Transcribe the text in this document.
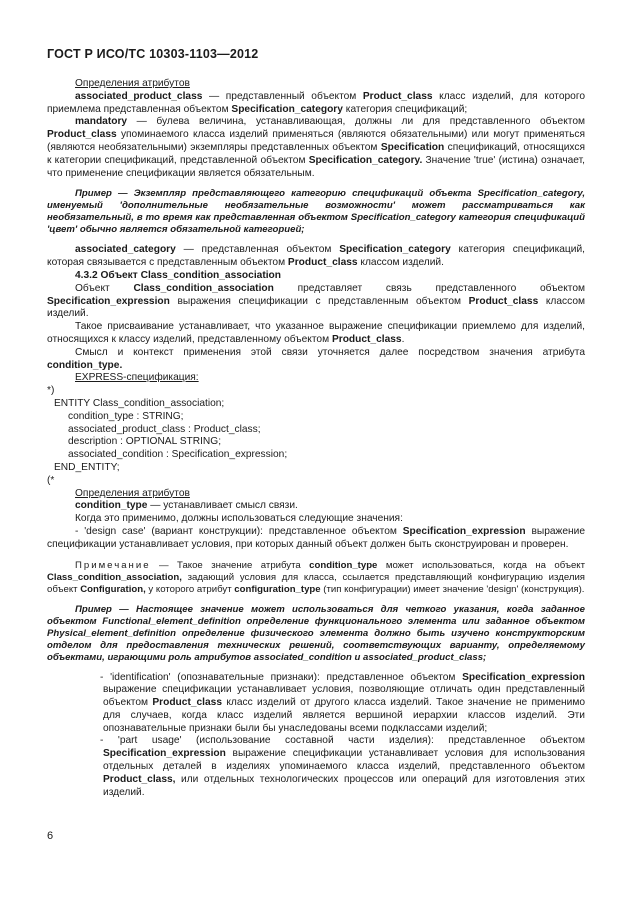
ГОСТ Р ИСО/ТС 10303-1103—2012

Определения атрибутов

associated_product_class — представленный объектом Product_class класс изделий, для которого приемлема представленная объектом Specification_category категория спецификаций;

mandatory — булева величина, устанавливающая, должны ли для представленного объектом Product_class упоминаемого класса изделий применяться (являются обязательными) или могут применяться (являются необязательными) экземпляры представленных объектом Specification спецификаций, относящихся к категории спецификаций, представленной объектом Specification_category. Значение 'true' (истина) означает, что применение спецификации является обязательным.

Пример — Экземпляр представляющего категорию спецификаций объекта Specification_category, именуемый 'дополнительные необязательные возможности' может рассматриваться как необязательный, в то время как представленная объектом Specification_category категория спецификаций 'цвет' обычно является обязательной категорией;

associated_category — представленная объектом Specification_category категория спецификаций, которая связывается с представленным объектом Product_class классом изделий.

4.3.2 Объект Class_condition_association

Объект Class_condition_association представляет связь представленного объектом Specification_expression выражения спецификации с представленным объектом Product_class классом изделий.

Такое присваивание устанавливает, что указанное выражение спецификации приемлемо для изделий, относящихся к классу изделий, представленному объектом Product_class.

Смысл и контекст применения этой связи уточняется далее посредством значения атрибута condition_type.

EXPRESS-спецификация:

*)

ENTITY Class_condition_association;

condition_type : STRING;

associated_product_class : Product_class;

description : OPTIONAL STRING;

associated_condition : Specification_expression;

END_ENTITY;

(*

Определения атрибутов

condition_type — устанавливает смысл связи.

Когда это применимо, должны использоваться следующие значения:

- 'design case' (вариант конструкции): представленное объектом Specification_expression выражение спецификации устанавливает условия, при которых данный объект должен быть сконструирован и проверен.

Примечание — Такое значение атрибута condition_type может использоваться, когда на объект Class_condition_association, задающий условия для класса, ссылается представляющий конфигурацию изделия объект Configuration, у которого атрибут configuration_type (тип конфигурации) имеет значение 'design' (конструкция).

Пример — Настоящее значение может использоваться для четкого указания, когда заданное объектом Functional_element_definition определение функционального элемента или заданное объектом Physical_element_definition определение физического элемента должно быть изучено конструкторским отделом для предоставления технических решений, соответствующих варианту, определяемому объектами, играющими роль атрибутов associated_condition и associated_product_class;

- 'identification' (опознавательные признаки): представленное объектом Specification_expression выражение спецификации устанавливает условия, позволяющие отличать один представленный объектом Product_class класс изделий от другого класса изделий. Такое значение не применимо для случаев, когда класс изделий является вершиной иерархии классов изделий. Эти опознавательные признаки были бы унаследованы всеми подклассами изделий;

- 'part usage' (использование составной части изделия): представленное объектом Specification_expression выражение спецификации устанавливает условия для использования отдельных деталей в изделиях упоминаемого класса изделий, представленного объектом Product_class, или отдельных технологических процессов или операций для изготовления этих изделий.

6
